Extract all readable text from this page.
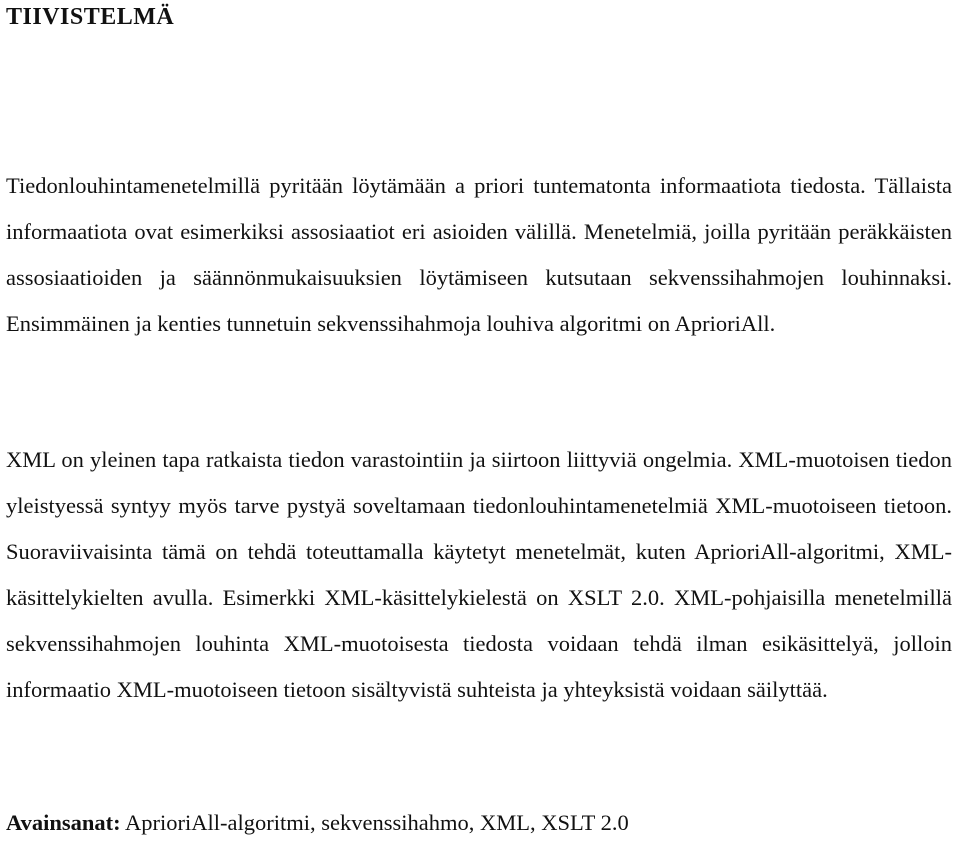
TIIVISTELMÄ

Tiedonlouhintamenetelmillä pyritään löytämään a priori tuntematonta informaatiota tiedosta. Tällaista informaatiota ovat esimerkiksi assosiaatiot eri asioiden välillä. Menetelmiä, joilla pyritään peräkkäisten assosiaatioiden ja säännönmukaisuuksien löytämiseen kutsutaan sekvenssihahmojen louhinnaksi. Ensimmäinen ja kenties tunnetuin sekvenssihahmoja louhiva algoritmi on AprioriAll.

XML on yleinen tapa ratkaista tiedon varastointiin ja siirtoon liittyviä ongelmia. XML-muotoisen tiedon yleistyessä syntyy myös tarve pystyä soveltamaan tiedonlouhintamenetelmiä XML-muotoiseen tietoon. Suoraviivaisinta tämä on tehdä toteuttamalla käytetyt menetelmät, kuten AprioriAll-algoritmi, XML-käsittelykielten avulla. Esimerkki XML-käsittelykielestä on XSLT 2.0. XML-pohjaisilla menetelmillä sekvenssihahmojen louhinta XML-muotoisesta tiedosta voidaan tehdä ilman esikäsittelyä, jolloin informaatio XML-muotoiseen tietoon sisältyvistä suhteista ja yhteyksistä voidaan säilyttää.

Avainsanat: AprioriAll-algoritmi, sekvenssihahmo, XML, XSLT 2.0
